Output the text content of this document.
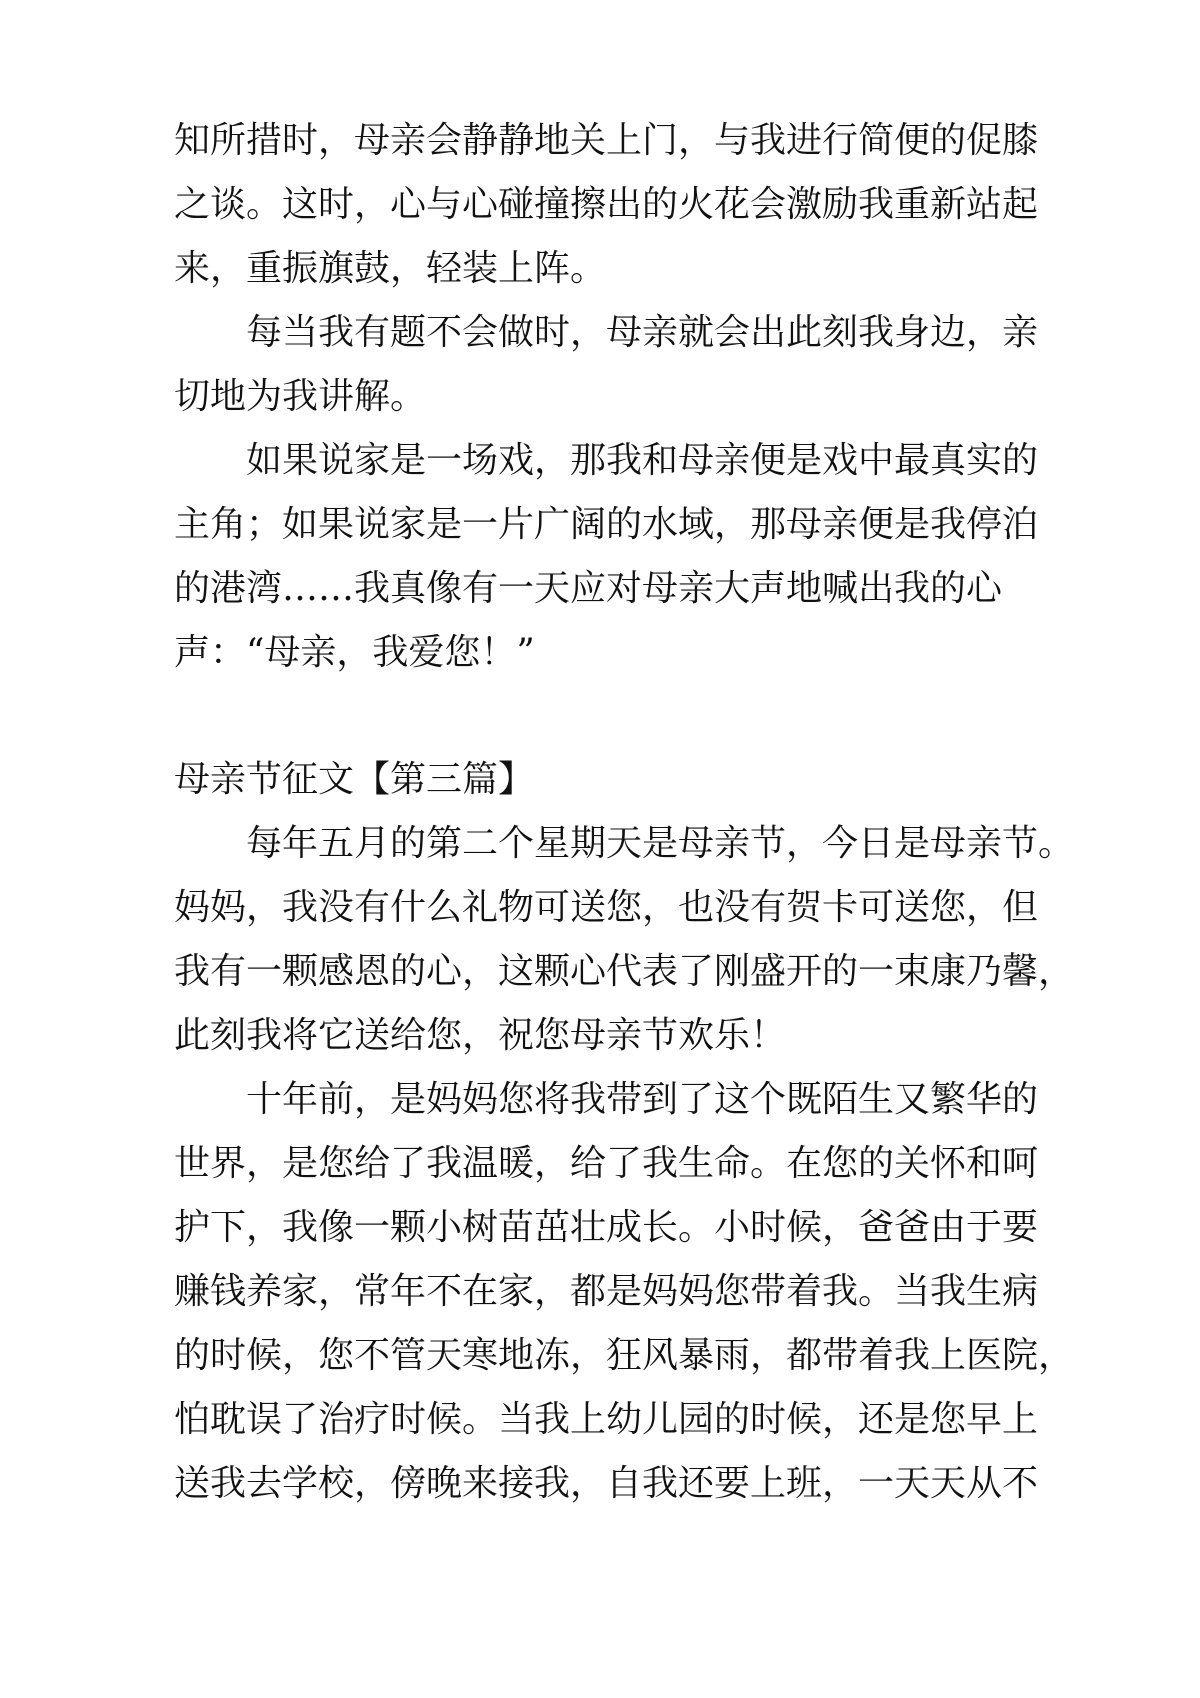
知所措时，母亲会静静地关上门，与我进行简便的促膝

之谈。这时，心与心碰撞擦出的火花会激励我重新站起

来，重振旗鼓，轻装上阵。

每当我有题不会做时，母亲就会出此刻我身边，亲

切地为我讲解。

如果说家是一场戏，那我和母亲便是戏中最真实的

主角；如果说家是一片广阔的水域，那母亲便是我停泊

的港湾……我真像有一天应对母亲大声地喊出我的心

声：“母亲，我爱您！”

母亲节征文【第三篇】

每年五月的第二个星期天是母亲节，今日是母亲节。

妈妈，我没有什么礼物可送您，也没有贺卡可送您，但

我有一颗感恩的心，这颗心代表了刚盛开的一束康乃馨，

此刻我将它送给您，祝您母亲节欢乐！

十年前，是妈妈您将我带到了这个既陌生又繁华的

世界，是您给了我温暖，给了我生命。在您的关怀和呵

护下，我像一颗小树苗茁壮成长。小时候，爸爸由于要

赚钱养家，常年不在家，都是妈妈您带着我。当我生病

的时候，您不管天寒地冻，狂风暴雨，都带着我上医院，

怕耽误了治疗时候。当我上幼儿园的时候，还是您早上

送我去学校，傍晚来接我，自我还要上班，一天天从不
